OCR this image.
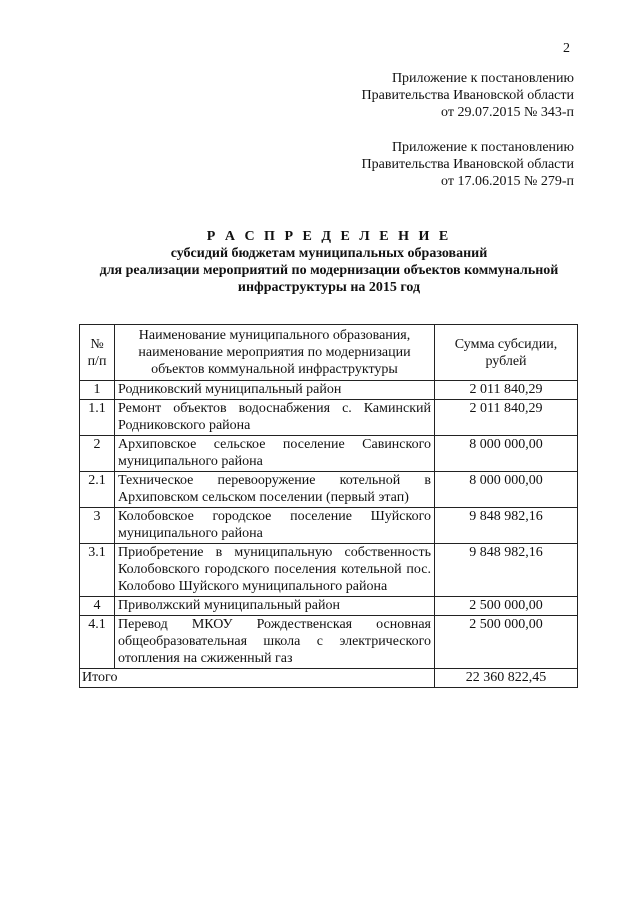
2
Приложение к постановлению
Правительства Ивановской области
от 29.07.2015 № 343-п
Приложение к постановлению
Правительства Ивановской области
от 17.06.2015 № 279-п
Р А С П Р Е Д Е Л Е Н И Е
субсидий бюджетам муниципальных образований
для реализации мероприятий по модернизации объектов коммунальной
инфраструктуры на 2015 год
№ п/п	Наименование муниципального образования, наименование мероприятия по модернизации объектов коммунальной инфраструктуры	Сумма субсидии, рублей
1	Родниковский муниципальный район	2 011 840,29
1.1	Ремонт объектов водоснабжения с. Каминский Родниковского района	2 011 840,29
2	Архиповское сельское поселение Савинского муниципального района	8 000 000,00
2.1	Техническое перевооружение котельной в Архиповском сельском поселении (первый этап)	8 000 000,00
3	Колобовское городское поселение Шуйского муниципального района	9 848 982,16
3.1	Приобретение в муниципальную собственность Колобовского городского поселения котельной пос. Колобово Шуйского муниципального района	9 848 982,16
4	Приволжский муниципальный район	2 500 000,00
4.1	Перевод МКОУ Рождественская основная общеобразовательная школа с электрического отопления на сжиженный газ	2 500 000,00
Итого		22 360 822,45
